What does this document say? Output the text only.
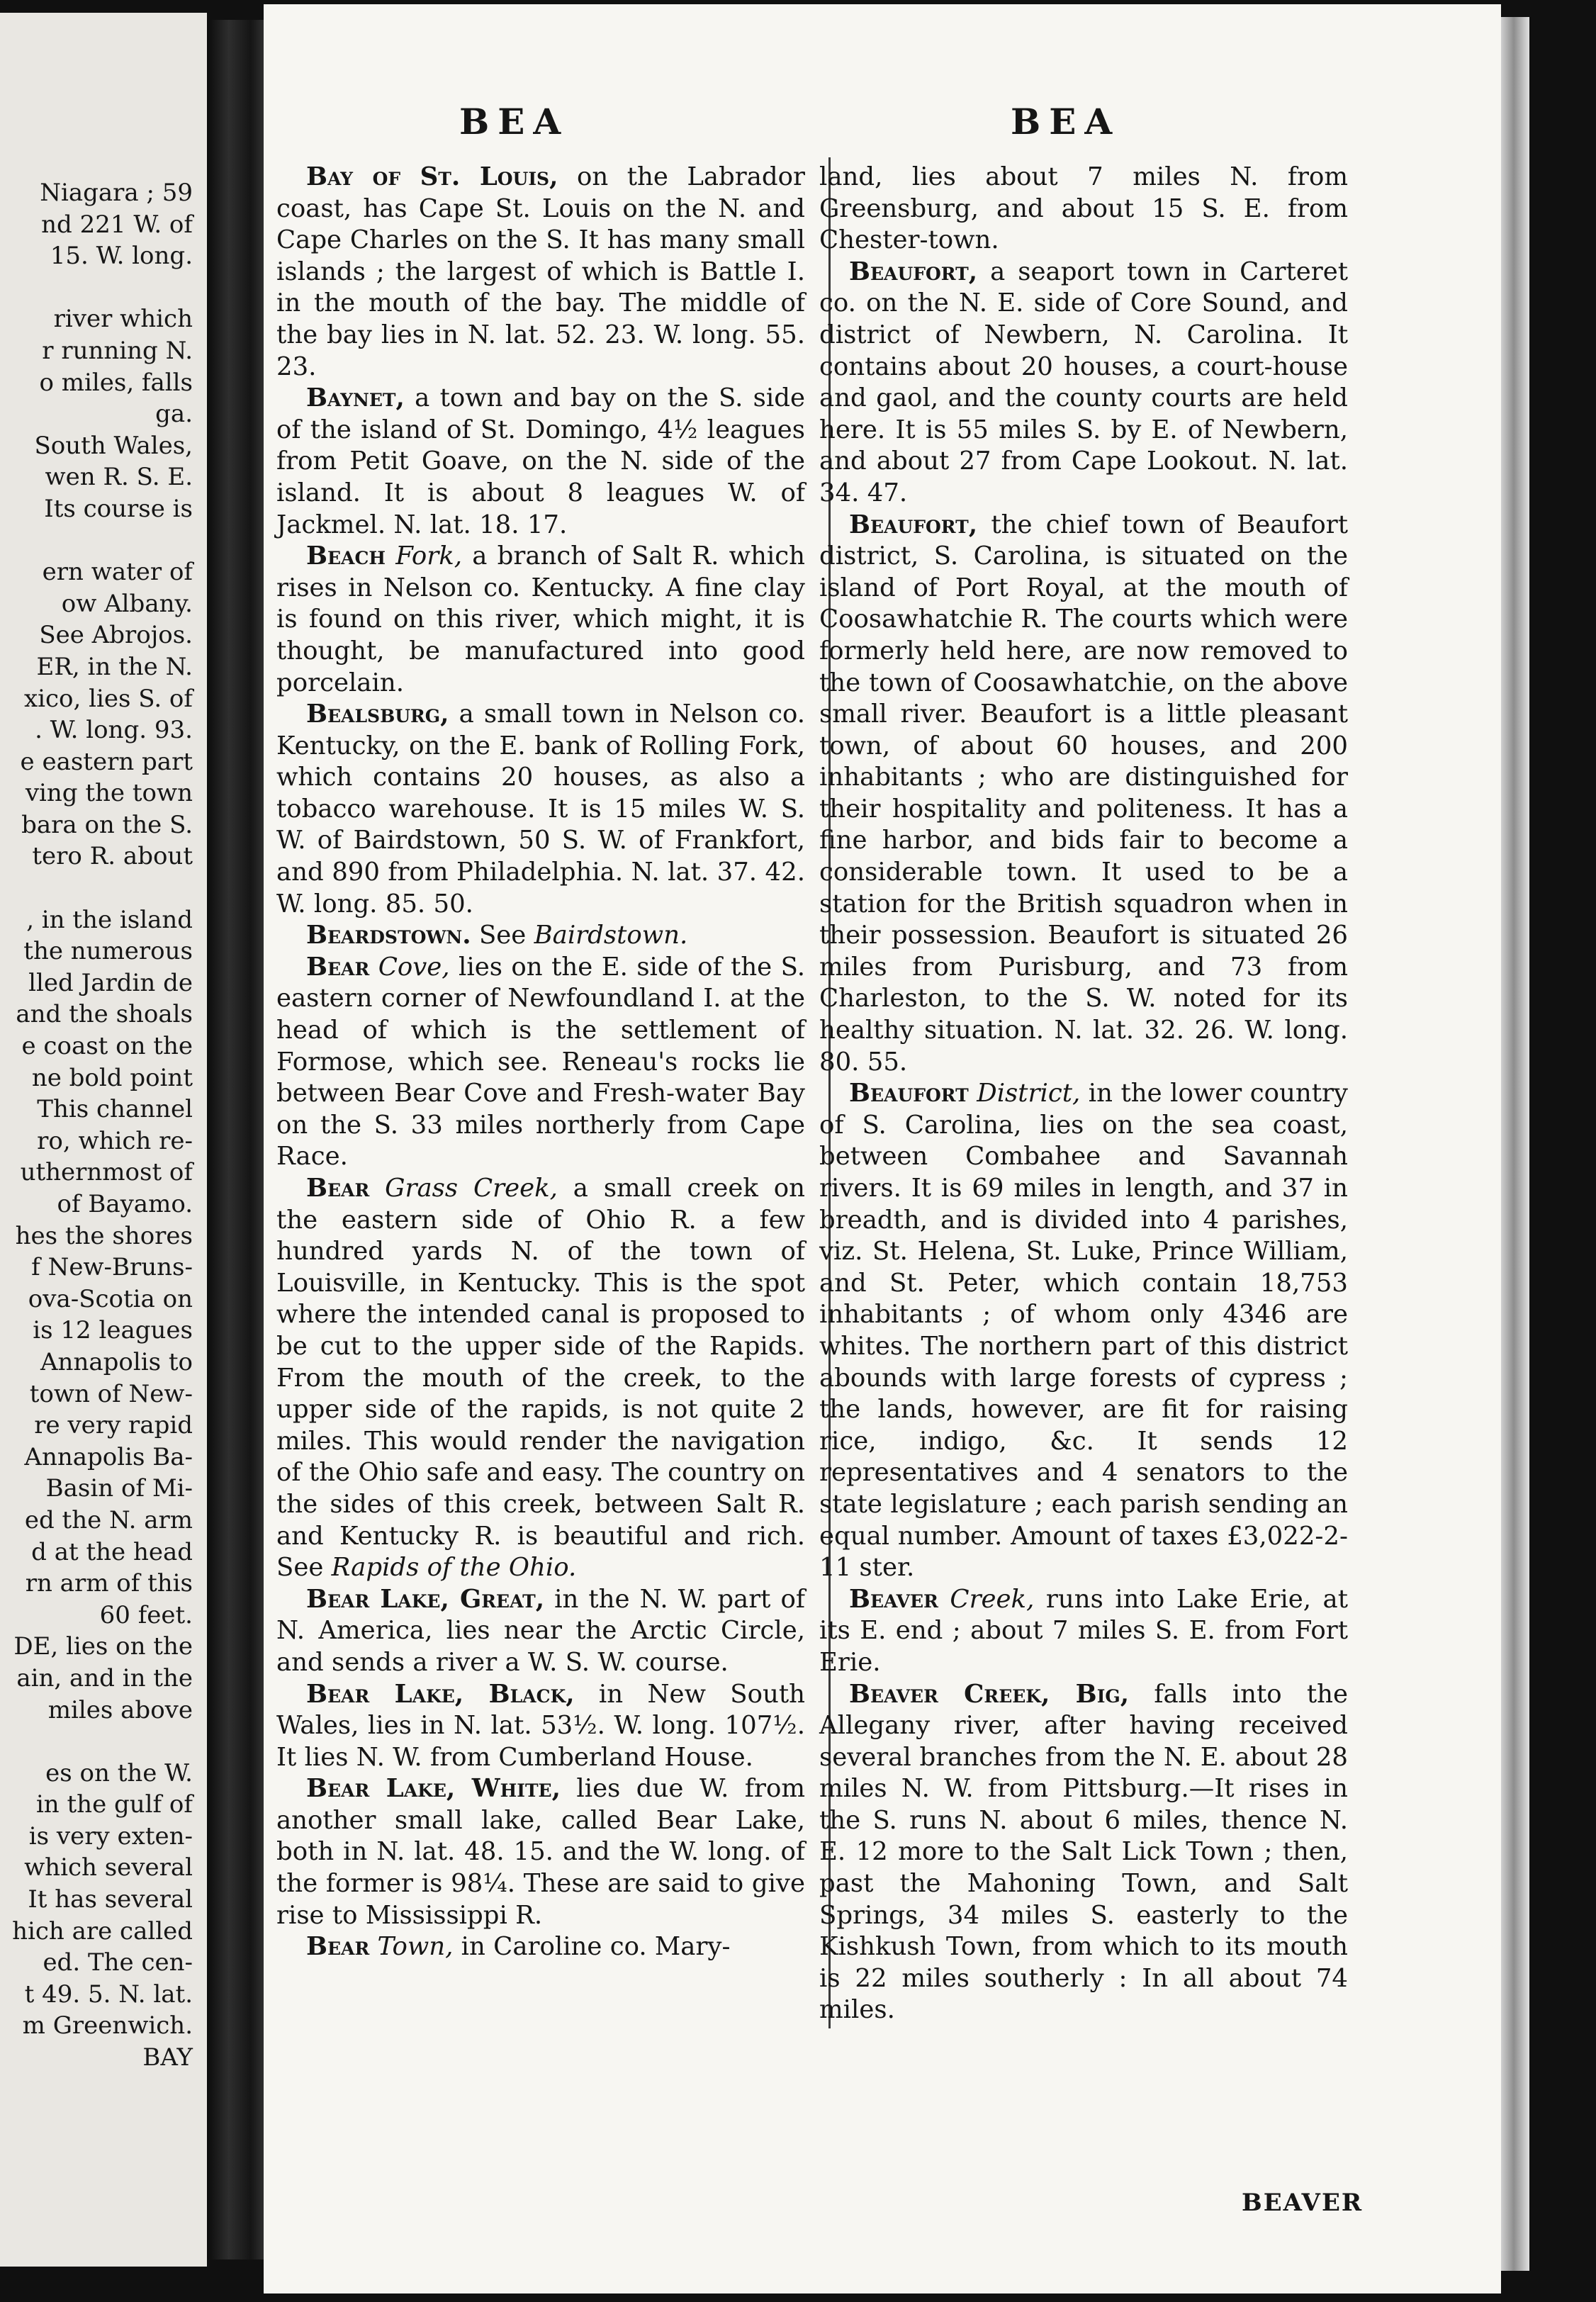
Niagara ; 59
nd 221 W. of
15. W. long.

river which
r running N.
o miles, falls
ga.
South Wales,
wen R. S. E.
Its course is

ern water of
ow Albany.
See Abrojos.
ER, in the N.
xico, lies S. of
. W. long. 93.
e eastern part
ving the town
bara on the S.
tero R. about

, in the island
the numerous
lled Jardin de
and the shoals
e coast on the
ne bold point
This channel
ro, which re-
uthernmost of
of Bayamo.
hes the shores
f New-Bruns-
ova-Scotia on
is 12 leagues
Annapolis to
town of New-
re very rapid
Annapolis Ba-
Basin of Mi-
ed the N. arm
d at the head
rn arm of this
60 feet.
DE, lies on the
ain, and in the
miles above

es on the W.
in the gulf of
is very exten-
which several
It has several
hich are called
ed. The cen-
t 49. 5. N. lat.
m Greenwich.
BAY
BEA	BEA

Bay of St. Louis, on the Labrador coast, has Cape St. Louis on the N. and Cape Charles on the S. It has many small islands ; the largest of which is Battle I. in the mouth of the bay. The middle of the bay lies in N. lat. 52. 23. W. long. 55. 23.

Baynet, a town and bay on the S. side of the island of St. Domingo, 4½ leagues from Petit Goave, on the N. side of the island. It is about 8 leagues W. of Jackmel. N. lat. 18. 17.

Beach Fork, a branch of Salt R. which rises in Nelson co. Kentucky. A fine clay is found on this river, which might, it is thought, be manufactured into good porcelain.

Bealsburg, a small town in Nelson co. Kentucky, on the E. bank of Rolling Fork, which contains 20 houses, as also a tobacco warehouse. It is 15 miles W. S. W. of Bairdstown, 50 S. W. of Frankfort, and 890 from Philadelphia. N. lat. 37. 42. W. long. 85. 50.

Beardstown. See Bairdstown.

Bear Cove, lies on the E. side of the S. eastern corner of Newfoundland I. at the head of which is the settlement of Formose, which see. Reneau's rocks lie between Bear Cove and Fresh-water Bay on the S. 33 miles northerly from Cape Race.

Bear Grass Creek, a small creek on the eastern side of Ohio R. a few hundred yards N. of the town of Louisville, in Kentucky. This is the spot where the intended canal is proposed to be cut to the upper side of the Rapids. From the mouth of the creek, to the upper side of the rapids, is not quite 2 miles. This would render the navigation of the Ohio safe and easy. The country on the sides of this creek, between Salt R. and Kentucky R. is beautiful and rich. See Rapids of the Ohio.

Bear Lake, Great, in the N. W. part of N. America, lies near the Arctic Circle, and sends a river a W. S. W. course.

Bear Lake, Black, in New South Wales, lies in N. lat. 53½. W. long. 107½. It lies N. W. from Cumberland House.

Bear Lake, White, lies due W. from another small lake, called Bear Lake, both in N. lat. 48. 15. and the W. long. of the former is 98¼. These are said to give rise to Mississippi R.

Bear Town, in Caroline co. Mary-

land, lies about 7 miles N. from Greensburg, and about 15 S. E. from Chester-town.

Beaufort, a seaport town in Carteret co. on the N. E. side of Core Sound, and district of Newbern, N. Carolina. It contains about 20 houses, a court-house and gaol, and the county courts are held here. It is 55 miles S. by E. of Newbern, and about 27 from Cape Lookout. N. lat. 34. 47.

Beaufort, the chief town of Beaufort district, S. Carolina, is situated on the island of Port Royal, at the mouth of Coosawhatchie R. The courts which were formerly held here, are now removed to the town of Coosawhatchie, on the above small river. Beaufort is a little pleasant town, of about 60 houses, and 200 inhabitants ; who are distinguished for their hospitality and politeness. It has a fine harbor, and bids fair to become a considerable town. It used to be a station for the British squadron when in their possession. Beaufort is situated 26 miles from Purisburg, and 73 from Charleston, to the S. W. noted for its healthy situation. N. lat. 32. 26. W. long. 80. 55.

Beaufort District, in the lower country of S. Carolina, lies on the sea coast, between Combahee and Savannah rivers. It is 69 miles in length, and 37 in breadth, and is divided into 4 parishes, viz. St. Helena, St. Luke, Prince William, and St. Peter, which contain 18,753 inhabitants ; of whom only 4346 are whites. The northern part of this district abounds with large forests of cypress ; the lands, however, are fit for raising rice, indigo, &c. It sends 12 representatives and 4 senators to the state legislature ; each parish sending an equal number. Amount of taxes £3,022-2-11 ster.

Beaver Creek, runs into Lake Erie, at its E. end ; about 7 miles S. E. from Fort Erie.

Beaver Creek, Big, falls into the Allegany river, after having received several branches from the N. E. about 28 miles N. W. from Pittsburg.—It rises in the S. runs N. about 6 miles, thence N. E. 12 more to the Salt Lick Town ; then, past the Mahoning Town, and Salt Springs, 34 miles S. easterly to the Kishkush Town, from which to its mouth is 22 miles southerly : In all about 74 miles.

BEAVER
